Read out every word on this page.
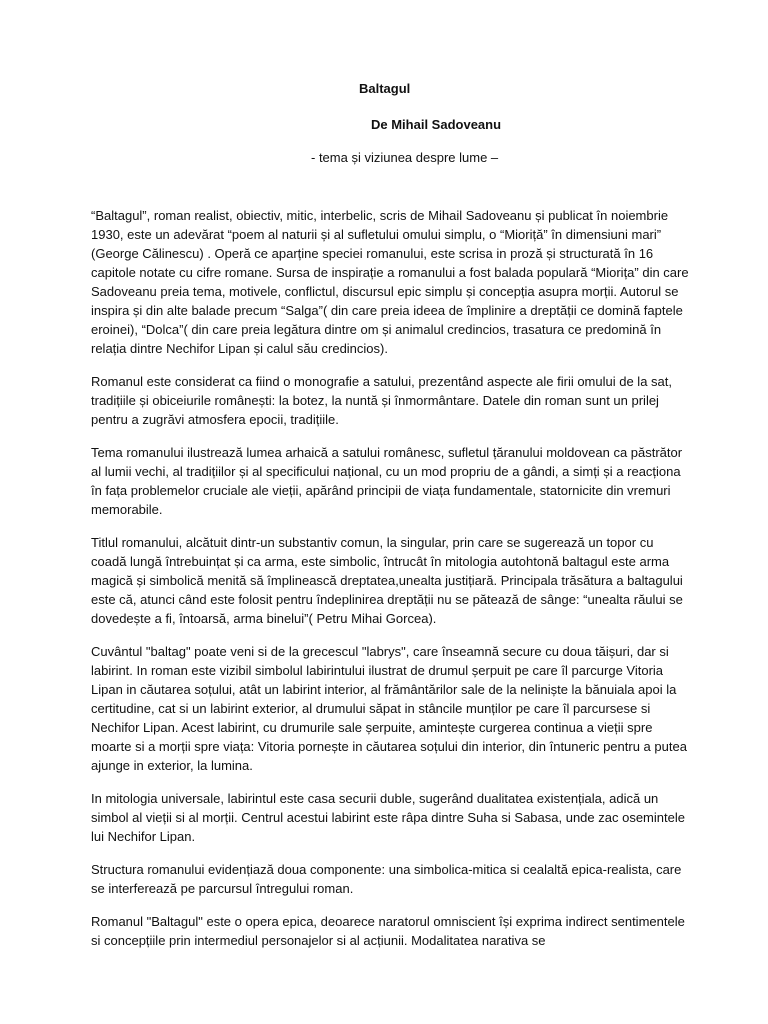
Baltagul
De Mihail Sadoveanu
- tema și viziunea despre lume –

“Baltagul”, roman realist, obiectiv, mitic, interbelic, scris de Mihail Sadoveanu și publicat în noiembrie 1930, este un adevărat “poem al naturii și al sufletului omului simplu, o “Mioriță” în dimensiuni mari” (George Călinescu) . Operă ce aparține speciei romanului, este scrisa in proză și structurată în 16 capitole notate cu cifre romane. Sursa de inspirație a romanului a fost balada populară “Miorița” din care Sadoveanu preia tema, motivele, conflictul, discursul epic simplu și concepția asupra morții. Autorul se inspira și din alte balade precum “Salga”( din care preia ideea de împlinire a dreptății ce domină faptele eroinei), “Dolca”( din care preia legătura dintre om și animalul credincios, trasatura ce predomină în relația dintre Nechifor Lipan și calul său credincios).

Romanul este considerat ca fiind o monografie a satului, prezentând aspecte ale firii omului de la sat, tradițiile și obiceiurile românești: la botez, la nuntă și înmormântare. Datele din roman sunt un prilej pentru a zugrăvi atmosfera epocii, tradițiile.

Tema romanului ilustrează lumea arhaică a satului românesc, sufletul țăranului moldovean ca păstrător al lumii vechi, al tradițiilor și al specificului național, cu un mod propriu de a gândi, a simți și a reacționa în fața problemelor cruciale ale vieții, apărând principii de viața fundamentale, statornicite din vremuri memorabile.

Titlul romanului, alcătuit dintr-un substantiv comun, la singular, prin care se sugerează un topor cu coadă lungă întrebuințat și ca arma, este simbolic, întrucât în mitologia autohtonă baltagul este arma magică și simbolică menită să împlinească dreptatea,unealta justițiară. Principala trăsătura a baltagului este că, atunci când este folosit pentru îndeplinirea dreptății nu se pătează de sânge: “unealta răului se dovedește a fi, întoarsă, arma binelui”( Petru Mihai Gorcea).

Cuvântul "baltag" poate veni si de la grecescul "labrys", care înseamnă secure cu doua tăișuri, dar si labirint. In roman este vizibil simbolul labirintului ilustrat de drumul șerpuit pe care îl parcurge Vitoria Lipan in căutarea soțului, atât un labirint interior, al frământărilor sale de la neliniște la bănuiala apoi la certitudine, cat si un labirint exterior, al drumului săpat in stâncile munților pe care îl parcursese si Nechifor Lipan. Acest labirint, cu drumurile sale șerpuite, amintește curgerea continua a vieții spre moarte si a morții spre viața: Vitoria pornește in căutarea soțului din interior, din întuneric pentru a putea ajunge in exterior, la lumina.

In mitologia universale, labirintul este casa securii duble, sugerând dualitatea existențiala, adică un simbol al vieții si al morții. Centrul acestui labirint este râpa dintre Suha si Sabasa, unde zac osemintele lui Nechifor Lipan.

Structura romanului evidențiază doua componente: una simbolica-mitica si cealaltă epica-realista, care se interferează pe parcursul întregului roman.

Romanul "Baltagul" este o opera epica, deoarece naratorul omniscient își exprima indirect sentimentele si concepțiile prin intermediul personajelor si al acțiunii. Modalitatea narativa se
